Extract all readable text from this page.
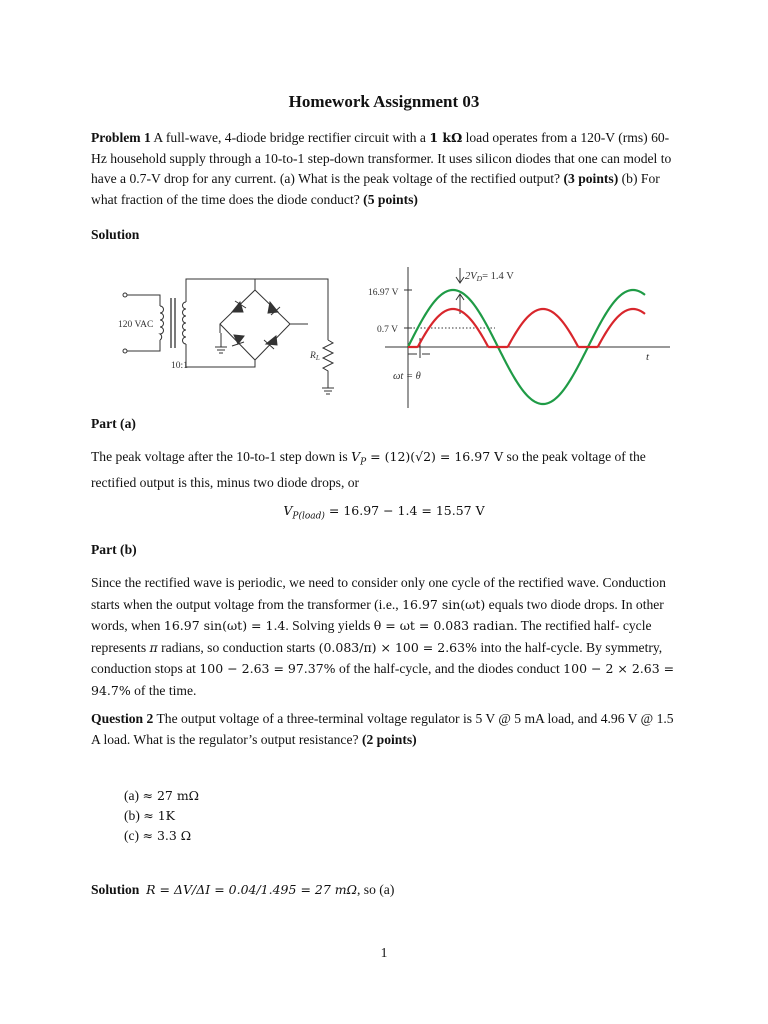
Homework Assignment 03
Problem 1 A full-wave, 4-diode bridge rectifier circuit with a 1 kΩ load operates from a 120-V (rms) 60-Hz household supply through a 10-to-1 step-down transformer. It uses silicon diodes that one can model to have a 0.7-V drop for any current. (a) What is the peak voltage of the rectified output? (3 points) (b) For what fraction of the time does the diode conduct? (5 points)
Solution
120 VAC
10:1
$R_L$
16.97 V
0.7 V
2VD= 1.4 V
t
ωt = θ
Part (a)
The peak voltage after the 10-to-1 step down is $V_P = (12)(√2) = 16.97$ V so the peak voltage of the rectified output is this, minus two diode drops, or
$V_{P(load)} = 16.97 - 1.4 = 15.57$ V
Part (b)
Since the rectified wave is periodic, we need to consider only one cycle of the rectified wave. Conduction starts when the output voltage from the transformer (i.e., 16.97 sin(ωt) equals two diode drops. In other words, when 16.97 sin(ωt) = 1.4. Solving yields θ = ωt = 0.083 radian. The rectified half- cycle represents π radians, so conduction starts (0.083/π) × 100 = 2.63% into the half-cycle. By symmetry, conduction stops at 100 − 2.63 = 97.37% of the half-cycle, and the diodes conduct 100 − 2 × 2.63 = 94.7% of the time.
Question 2 The output voltage of a three-terminal voltage regulator is 5 V @ 5 mA load, and 4.96 V @ 1.5 A load. What is the regulator’s output resistance? (2 points)
(a) ≈ 27 mΩ
(b) ≈ 1K
(c) ≈ 3.3 Ω
Solution R = ΔV/ΔI = 0.04/1.495 = 27 mΩ, so (a)
1
